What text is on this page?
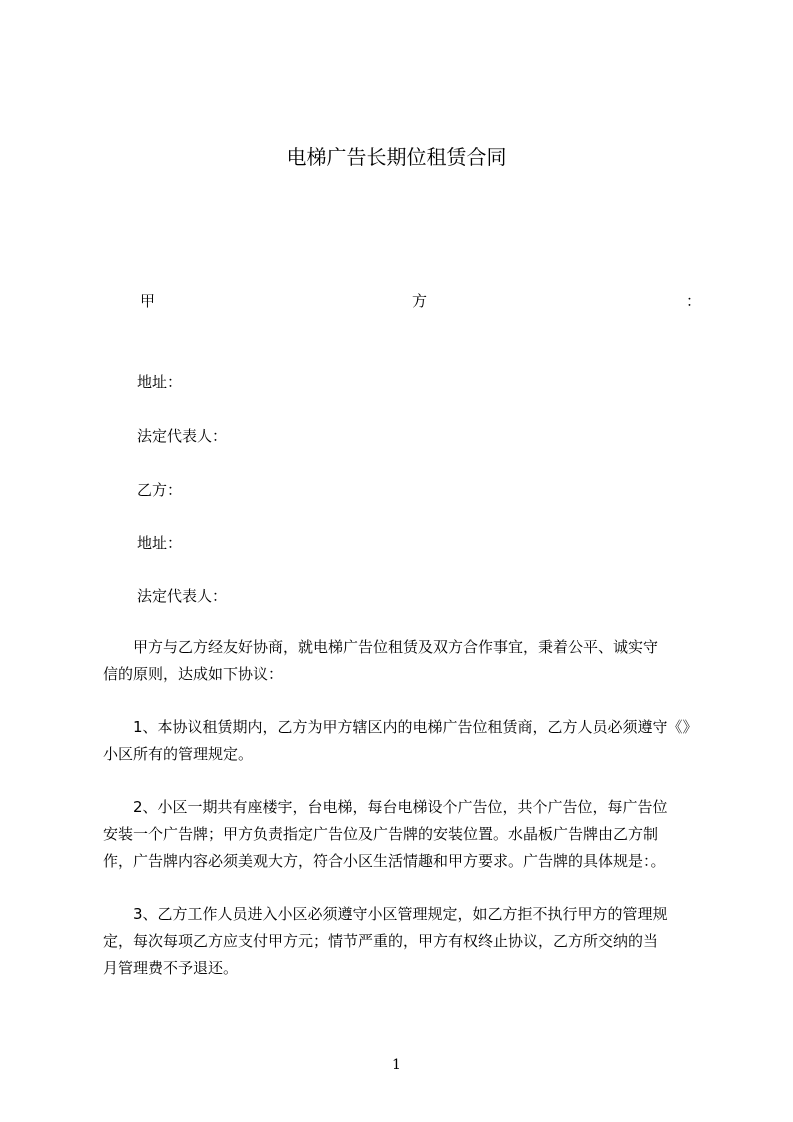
电梯广告长期位租赁合同
甲	方	：
地址：
法定代表人：
乙方：
地址：
法定代表人：
　　甲方与乙方经友好协商，就电梯广告位租赁及双方合作事宜，秉着公平、诚实守
信的原则，达成如下协议：
　　1、本协议租赁期内，乙方为甲方辖区内的电梯广告位租赁商，乙方人员必须遵守《》
小区所有的管理规定。
　　2、小区一期共有座楼宇，台电梯，每台电梯设个广告位，共个广告位，每广告位
安装一个广告牌；甲方负责指定广告位及广告牌的安装位置。水晶板广告牌由乙方制
作，广告牌内容必须美观大方，符合小区生活情趣和甲方要求。广告牌的具体规是：。
　　3、乙方工作人员进入小区必须遵守小区管理规定，如乙方拒不执行甲方的管理规
定，每次每项乙方应支付甲方元；情节严重的，甲方有权终止协议，乙方所交纳的当
月管理费不予退还。
1
